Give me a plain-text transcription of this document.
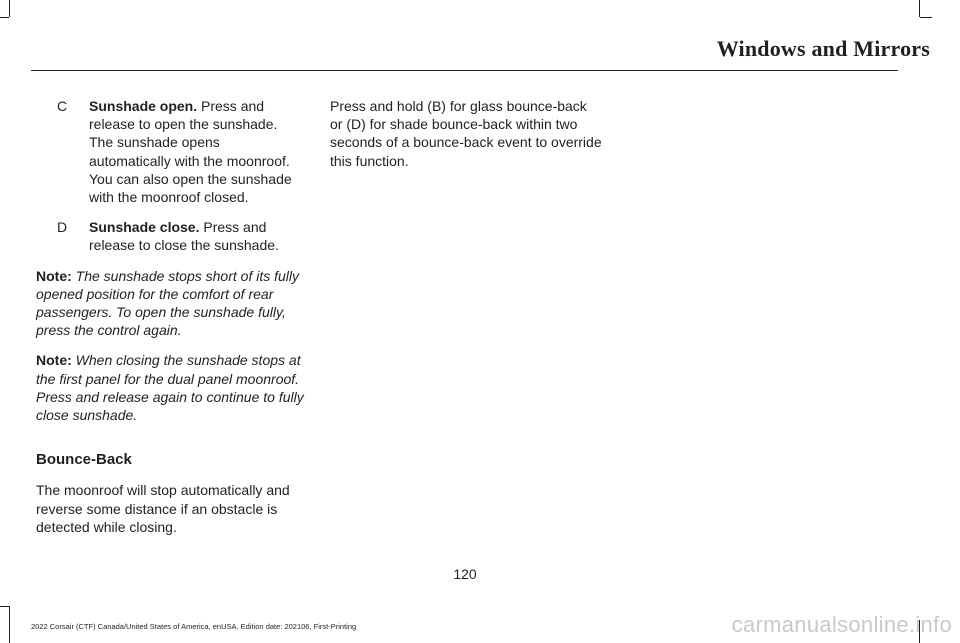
Windows and Mirrors
C	Sunshade open. Press and release to open the sunshade. The sunshade opens automatically with the moonroof. You can also open the sunshade with the moonroof closed.
D	Sunshade close. Press and release to close the sunshade.
Note: The sunshade stops short of its fully opened position for the comfort of rear passengers. To open the sunshade fully, press the control again.
Note: When closing the sunshade stops at the first panel for the dual panel moonroof. Press and release again to continue to fully close sunshade.
Bounce-Back

The moonroof will stop automatically and reverse some distance if an obstacle is detected while closing.

Press and hold (B) for glass bounce-back or (D) for shade bounce-back within two seconds of a bounce-back event to override this function.

120
2022 Corsair (CTF) Canada/United States of America, enUSA, Edition date: 202106, First-Printing	carmanualsonline.info
